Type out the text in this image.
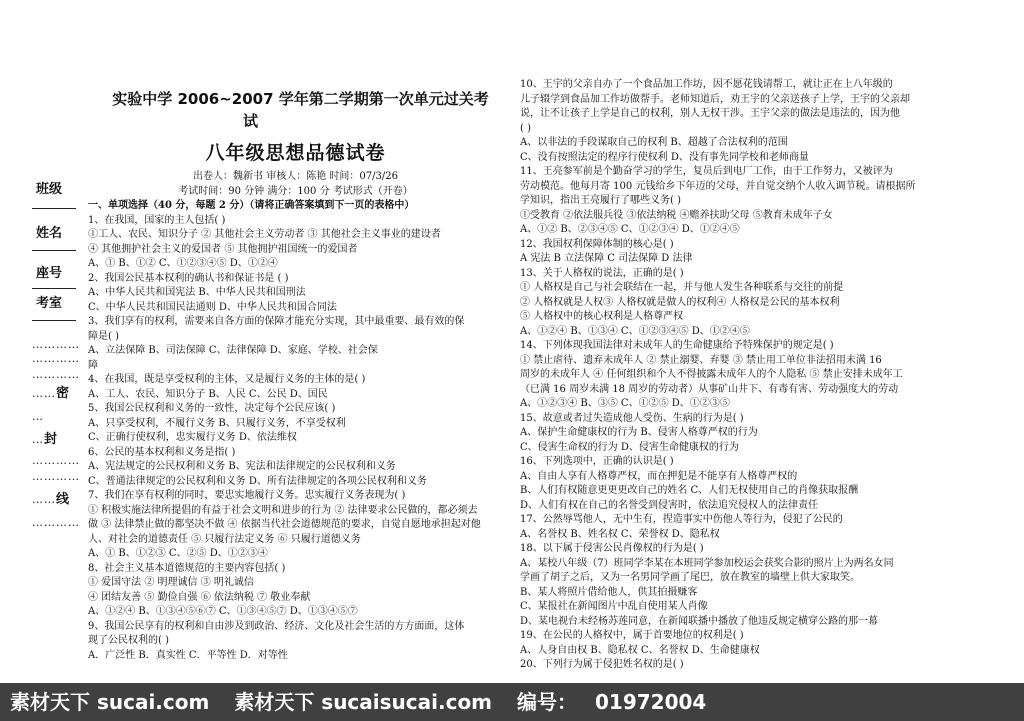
班级
姓名
座号
考室
…………
…………
…………
……密
…
…封
…………
…………
……线
…………
实验中学 2006~2007 学年第二学期第一次单元过关考
试
八年级思想品德试卷
出卷人：魏新书 审核人：陈艳 时间：07/3/26
考试时间：90 分钟 满分：100 分 考试形式（开卷）
一、单项选择（40 分，每题 2 分）（请将正确答案填到下一页的表格中）
1、在我国，国家的主人包括( )
①工人、农民、知识分子 ② 其他社会主义劳动者 ③ 其他社会主义事业的建设者
④ 其他拥护社会主义的爱国者 ⑤ 其他拥护祖国统一的爱国者
A、① B、①② C、①②③④⑤ D、①②④
2、我国公民基本权利的确认书和保证书是 ( )
A、中华人民共和国宪法 B、中华人民共和国刑法
C、中华人民共和国民法通则 D、中华人民共和国合同法
3、我们享有的权利，需要来自各方面的保障才能充分实现，其中最重要、最有效的保
障是( )
A、立法保障 B、司法保障 C、法律保障 D、家庭、学校、社会保
障
4、在我国，既是享受权利的主体，又是履行义务的主体的是( )
A、工人、农民、知识分子 B、人民 C、公民 D、国民
5、我国公民权利和义务的一致性，决定每个公民应该( )
A、只享受权利，不履行义务 B、只履行义务，不享受权利
C、正确行使权利，忠实履行义务 D、依法维权
6、公民的基本权利和义务是指( )
A、宪法规定的公民权利和义务 B、宪法和法律规定的公民权利和义务
C、普通法律规定的公民权利和义务 D、所有法律规定的各项公民权利和义务
7、我们在享有权利的同时，要忠实地履行义务。忠实履行义务表现为( )
① 积极实施法律所提倡的有益于社会文明和进步的行为 ② 法律要求公民做的，都必须去
做 ③ 法律禁止做的都坚决不做 ④ 依据当代社会道德规范的要求，自觉自愿地承担起对他
人、对社会的道德责任 ⑤ 只履行法定义务 ⑥ 只履行道德义务
A、① B、①②③ C、②⑤ D、①②③④
8、社会主义基本道德规范的主要内容包括( )
① 爱国守法 ② 明理诚信 ③ 明礼诚信
④ 团结友善 ⑤ 勤俭自强 ⑥ 依法纳税 ⑦ 敬业奉献
A、①②④ B、①③④⑤⑥⑦ C、①③④⑤⑦ D、①③④⑤⑦
9、我国公民享有的权利和自由涉及到政治、经济、文化及社会生活的方方面面，这体
现了公民权利的( )
A．广泛性 B．真实性 C．平等性 D．对等性
10、王宇的父亲自办了一个食品加工作坊，因不愿花钱请帮工，就让正在上八年级的
儿子辍学到食品加工作坊做帮手。老师知道后，劝王宇的父亲送孩子上学，王宇的父亲却
说，让不让孩子上学是自己的权利，别人无权干涉。王宇父亲的做法是违法的，因为他
( )
A、以非法的手段谋取自己的权利 B、超越了合法权利的范围
C、没有按照法定的程序行使权利 D、没有事先同学校和老师商量
11、王亮参军前是个勤奋学习的学生，复员后到电厂工作，由于工作努力，又被评为
劳动模范。他每月寄 100 元钱给乡下年迈的父母，并自觉交纳个人收入调节税。请根据所
学知识，指出王亮履行了哪些义务( )
①受教育 ②依法服兵役 ③依法纳税 ④赡养扶助父母 ⑤教育未成年子女
A、①② B、②③④⑤ C、①②③④ D、①②④⑤
12、我国权利保障体制的核心是( )
A 宪法 B 立法保障 C 司法保障 D 法律
13、关于人格权的说法，正确的是( )
① 人格权是自己与社会联结在一起，并与他人发生各种联系与交往的前提
② 人格权就是人权③ 人格权就是做人的权利④ 人格权是公民的基本权利
⑤ 人格权中的核心权利是人格尊严权
A、①②④ B、①③④ C、①②③④⑤ D、①②④⑤
14、下列体现我国法律对未成年人的生命健康给予特殊保护的规定是( )
① 禁止虐待、遗弃未成年人 ② 禁止溺婴、弃婴 ③ 禁止用工单位非法招用未满 16
周岁的未成年人 ④ 任何组织和个人不得披露未成年人的个人隐私 ⑤ 禁止安排未成年工
（已满 16 周岁未满 18 周岁的劳动者）从事矿山井下、有毒有害、劳动强度大的劳动
A、①②③④ B、③⑤ C、①②⑤ D、①②③⑤
15、故意或者过失造成他人受伤、生病的行为是( )
A、保护生命健康权的行为 B、侵害人格尊严权的行为
C、侵害生命权的行为 D、侵害生命健康权的行为
16、下列选项中，正确的认识是( )
A、自由人享有人格尊严权，而在押犯是不能享有人格尊严权的
B、人们有权随意更更更改自己的姓名 C、人们无权使用自己的肖像获取报酬
D、人们有权在自己的名誉受到侵害时，依法追究侵权人的法律责任
17、公然辱骂他人，无中生有，捏造事实中伤他人等行为，侵犯了公民的
A、名誉权 B、姓名权 C、荣誉权 D、隐私权
18、以下属于侵害公民肖像权的行为是( )
A、某校八年级（7）班同学李某在本班同学参加校运会获奖合影的照片上为两名女同
学画了胡子之后，又为一名男同学画了尾巴，放在教室的墙壁上供大家取笑。
B、某人将照片借给他人，供其拍摄赚客
C、某报社在新闻图片中乱自使用某人肖像
D、某电视台未经杨苏莲同意，在新闻联播中播放了他违反规定横穿公路的那一幕
19、在公民的人格权中，属于首要地位的权利是( )
A、人身自由权 B、隐私权 C、名誉权 D、生命健康权
20、下列行为属于侵犯姓名权的是( )
素材天下 sucai.com 素材天下 sucaisucai.com 编号： 01972004
